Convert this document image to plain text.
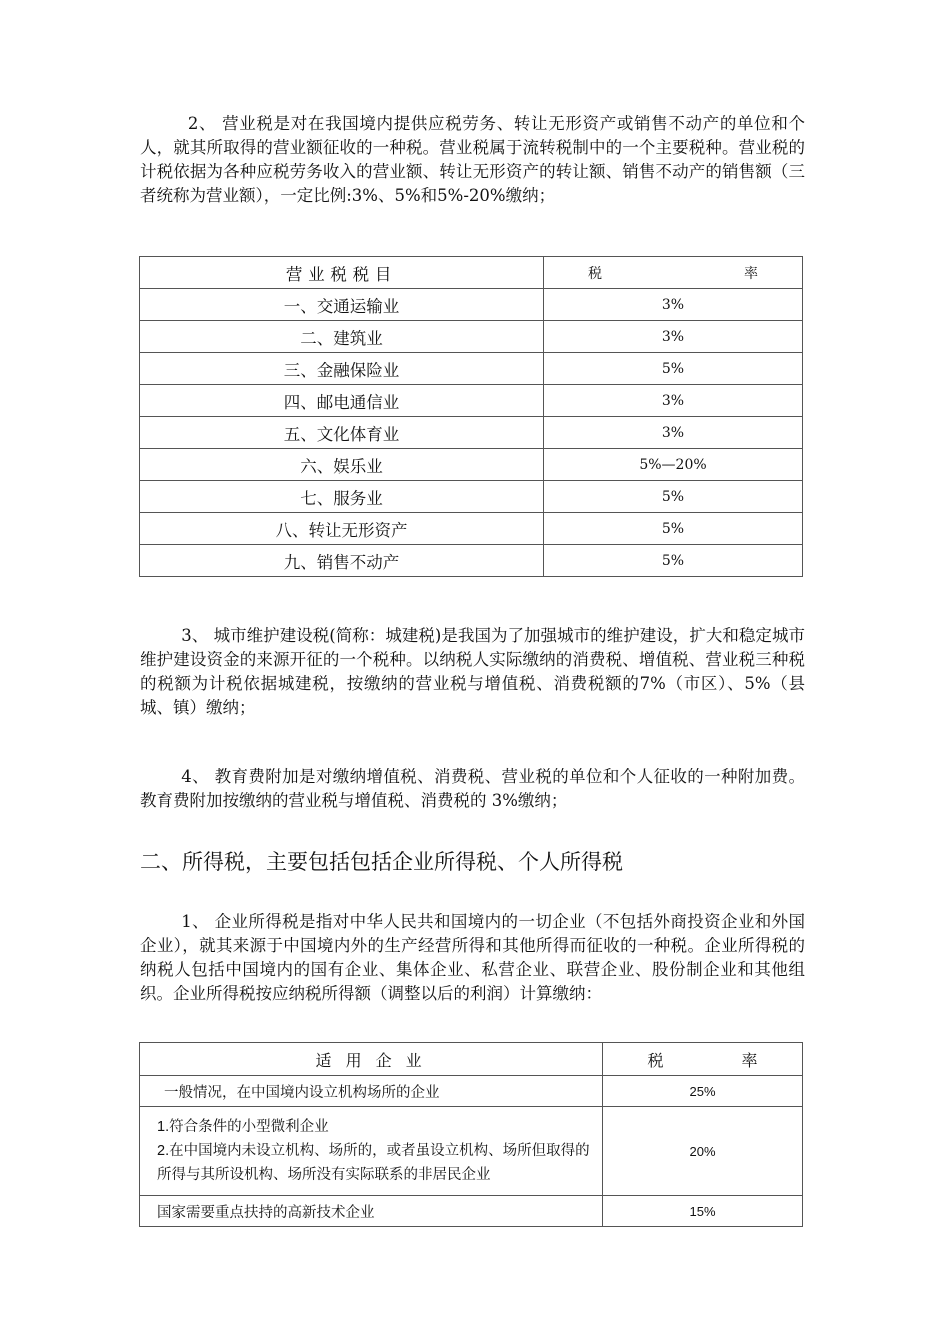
2、 营业税是对在我国境内提供应税劳务、转让无形资产或销售不动产的单位和个人，就其所取得的营业额征收的一种税。营业税属于流转税制中的一个主要税种。营业税的计税依据为各种应税劳务收入的营业额、转让无形资产的转让额、销售不动产的销售额（三者统称为营业额），一定比例:3%、5%和5%-20%缴纳；

营业税税目	税 率
一、交通运输业	3%
二、建筑业	3%
三、金融保险业	5%
四、邮电通信业	3%
五、文化体育业	3%
六、娱乐业	5%—20%
七、服务业	5%
八、转让无形资产	5%
九、销售不动产	5%

3、 城市维护建设税(简称：城建税)是我国为了加强城市的维护建设，扩大和稳定城市维护建设资金的来源开征的一个税种。以纳税人实际缴纳的消费税、增值税、营业税三种税的税额为计税依据城建税，按缴纳的营业税与增值税、消费税额的7%（市区）、5%（县城、镇）缴纳；

4、 教育费附加是对缴纳增值税、消费税、营业税的单位和个人征收的一种附加费。教育费附加按缴纳的营业税与增值税、消费税的 3%缴纳；

二、所得税，主要包括包括企业所得税、个人所得税

1、 企业所得税是指对中华人民共和国境内的一切企业（不包括外商投资企业和外国企业），就其来源于中国境内外的生产经营所得和其他所得而征收的一种税。企业所得税的纳税人包括中国境内的国有企业、集体企业、私营企业、联营企业、股份制企业和其他组织。企业所得税按应纳税所得额（调整以后的利润）计算缴纳：

适 用 企 业	税 率
一般情况，在中国境内设立机构场所的企业	25%

1.符合条件的小型微利企业
2.在中国境内未设立机构、场所的，或者虽设立机构、场所但取得的所得与其所设机构、场所没有实际联系的非居民企业	20%
国家需要重点扶持的高新技术企业	15%
